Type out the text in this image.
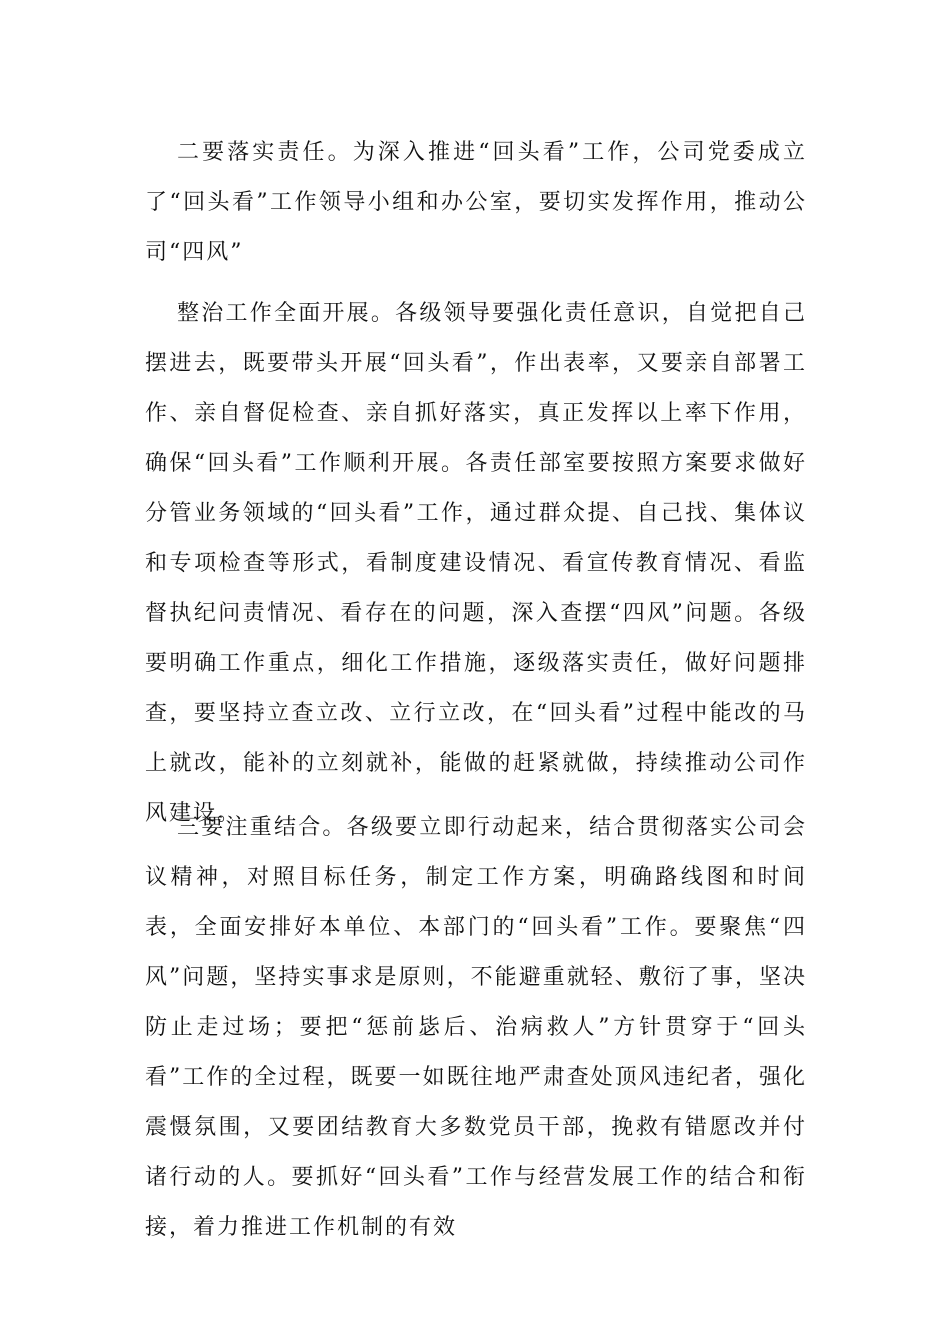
二要落实责任。为深入推进“回头看”工作，公司党委成立了“回头看”工作领导小组和办公室，要切实发挥作用，推动公司“四风”

整治工作全面开展。各级领导要强化责任意识，自觉把自己摆进去，既要带头开展“回头看”，作出表率，又要亲自部署工作、亲自督促检查、亲自抓好落实，真正发挥以上率下作用，确保“回头看”工作顺利开展。各责任部室要按照方案要求做好分管业务领域的“回头看”工作，通过群众提、自己找、集体议和专项检查等形式，看制度建设情况、看宣传教育情况、看监督执纪问责情况、看存在的问题，深入查摆“四风”问题。各级要明确工作重点，细化工作措施，逐级落实责任，做好问题排查，要坚持立查立改、立行立改，在“回头看”过程中能改的马上就改，能补的立刻就补，能做的赶紧就做，持续推动公司作风建设。

三要注重结合。各级要立即行动起来，结合贯彻落实公司会议精神，对照目标任务，制定工作方案，明确路线图和时间表，全面安排好本单位、本部门的“回头看”工作。要聚焦“四风”问题，坚持实事求是原则，不能避重就轻、敷衍了事，坚决防止走过场；要把“惩前毖后、治病救人”方针贯穿于“回头看”工作的全过程，既要一如既往地严肃查处顶风违纪者，强化震慑氛围，又要团结教育大多数党员干部，挽救有错愿改并付诸行动的人。要抓好“回头看”工作与经营发展工作的结合和衔接，着力推进工作机制的有效
